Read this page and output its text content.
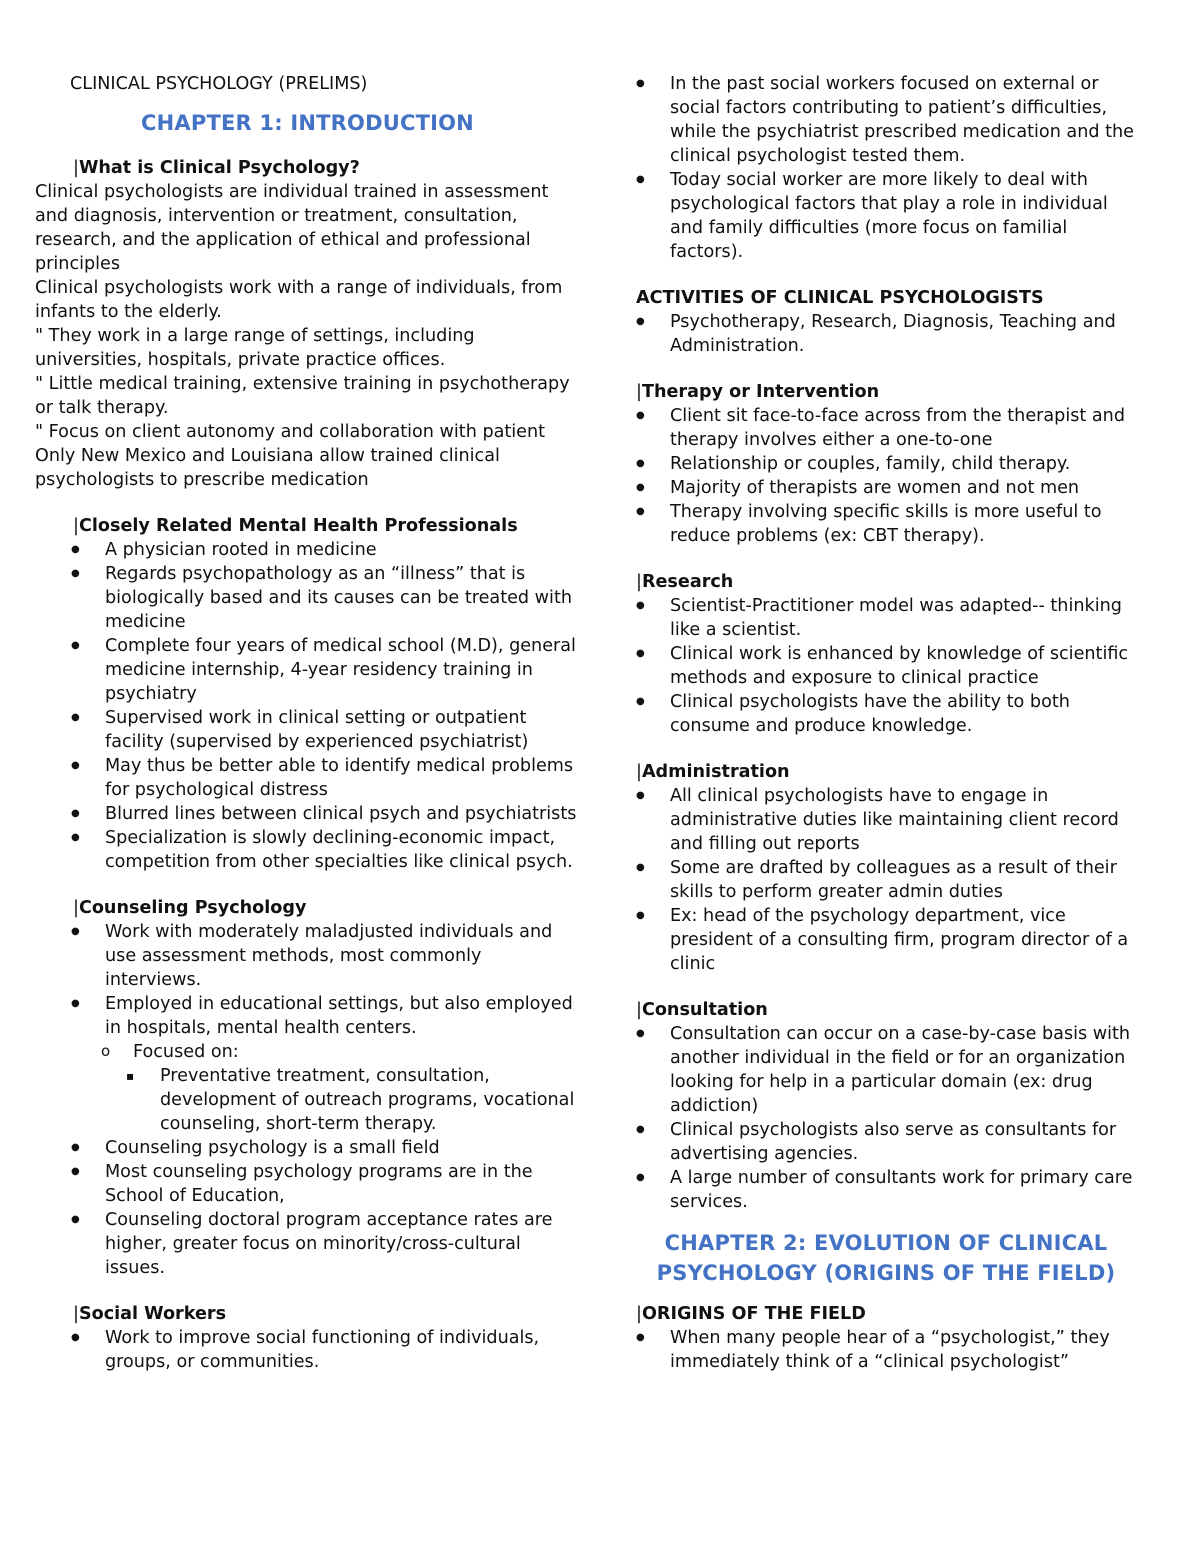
CLINICAL PSYCHOLOGY (PRELIMS)

CHAPTER 1: INTRODUCTION

|What is Clinical Psychology?

Clinical psychologists are individual trained in assessment and diagnosis, intervention or treatment, consultation, research, and the application of ethical and professional principles

Clinical psychologists work with a range of individuals, from infants to the elderly.

" They work in a large range of settings, including universities, hospitals, private practice offices.

" Little medical training, extensive training in psychotherapy or talk therapy.

" Focus on client autonomy and collaboration with patient

Only New Mexico and Louisiana allow trained clinical psychologists to prescribe medication

|Closely Related Mental Health Professionals

● A physician rooted in medicine
● Regards psychopathology as an “illness” that is biologically based and its causes can be treated with medicine
● Complete four years of medical school (M.D), general medicine internship, 4-year residency training in psychiatry
● Supervised work in clinical setting or outpatient facility (supervised by experienced psychiatrist)
● May thus be better able to identify medical problems for psychological distress
● Blurred lines between clinical psych and psychiatrists
● Specialization is slowly declining-economic impact, competition from other specialties like clinical psych.

|Counseling Psychology

● Work with moderately maladjusted individuals and use assessment methods, most commonly interviews.
● Employed in educational settings, but also employed in hospitals, mental health centers.
o Focused on:
▪ Preventative treatment, consultation, development of outreach programs, vocational counseling, short-term therapy.
● Counseling psychology is a small field
● Most counseling psychology programs are in the School of Education,
● Counseling doctoral program acceptance rates are higher, greater focus on minority/cross-cultural issues.

|Social Workers

● Work to improve social functioning of individuals, groups, or communities.
● In the past social workers focused on external or social factors contributing to patient’s difficulties, while the psychiatrist prescribed medication and the clinical psychologist tested them.
● Today social worker are more likely to deal with psychological factors that play a role in individual and family difficulties (more focus on familial factors).

ACTIVITIES OF CLINICAL PSYCHOLOGISTS

● Psychotherapy, Research, Diagnosis, Teaching and Administration.

|Therapy or Intervention

● Client sit face-to-face across from the therapist and therapy involves either a one-to-one
● Relationship or couples, family, child therapy.
● Majority of therapists are women and not men
● Therapy involving specific skills is more useful to reduce problems (ex: CBT therapy).

|Research

● Scientist-Practitioner model was adapted-- thinking like a scientist.
● Clinical work is enhanced by knowledge of scientific methods and exposure to clinical practice
● Clinical psychologists have the ability to both consume and produce knowledge.

|Administration

● All clinical psychologists have to engage in administrative duties like maintaining client record and filling out reports
● Some are drafted by colleagues as a result of their skills to perform greater admin duties
● Ex: head of the psychology department, vice president of a consulting firm, program director of a clinic

|Consultation

● Consultation can occur on a case-by-case basis with another individual in the field or for an organization looking for help in a particular domain (ex: drug addiction)
● Clinical psychologists also serve as consultants for advertising agencies.
● A large number of consultants work for primary care services.

CHAPTER 2: EVOLUTION OF CLINICAL PSYCHOLOGY (ORIGINS OF THE FIELD)

|ORIGINS OF THE FIELD

● When many people hear of a “psychologist,” they immediately think of a “clinical psychologist”
